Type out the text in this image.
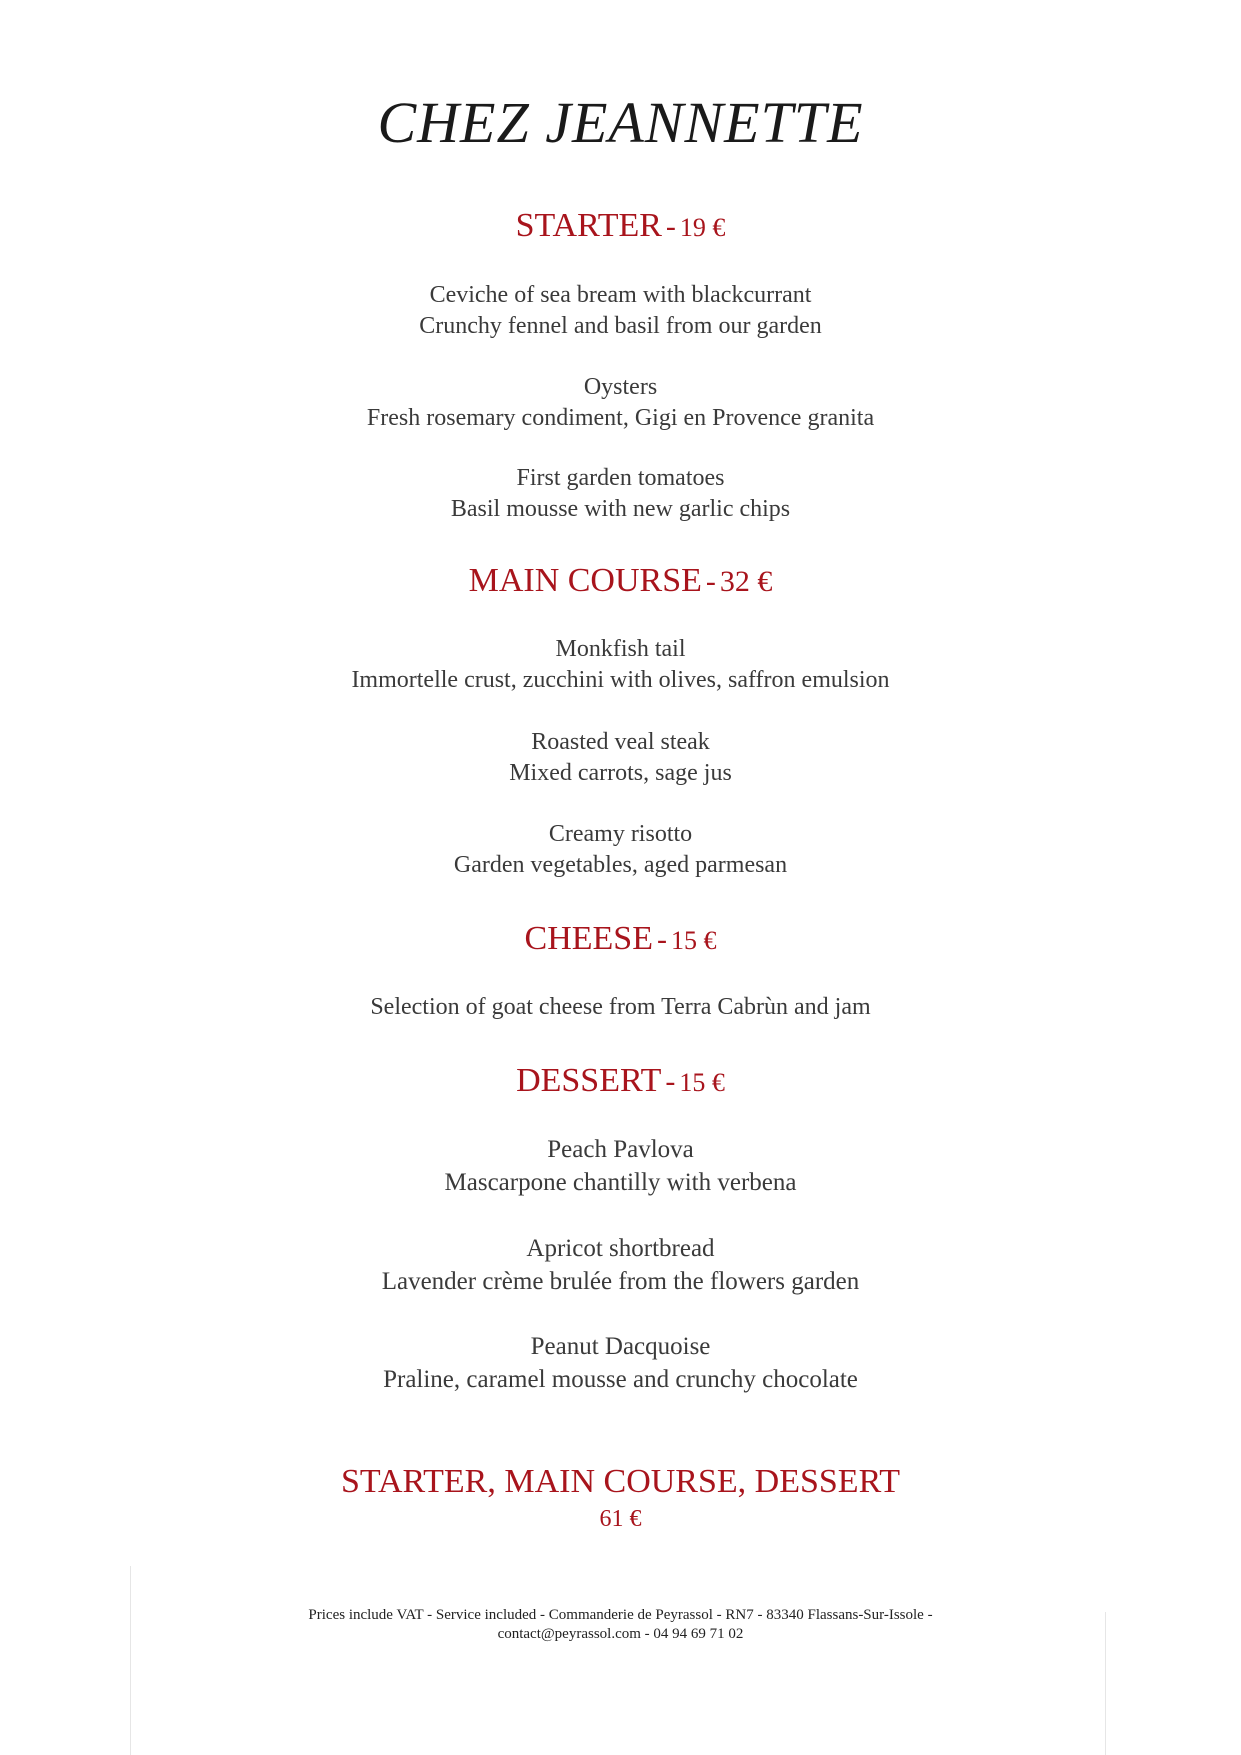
CHEZ JEANNETTE
STARTER - 19 €
Ceviche of sea bream with blackcurrant
Crunchy fennel and basil from our garden
Oysters
Fresh rosemary condiment, Gigi en Provence granita
First garden tomatoes
Basil mousse with new garlic chips
MAIN COURSE - 32 €
Monkfish tail
Immortelle crust, zucchini with olives, saffron emulsion
Roasted veal steak
Mixed carrots, sage jus
Creamy risotto
Garden vegetables, aged parmesan
CHEESE - 15 €
Selection of goat cheese from Terra Cabrùn and jam
DESSERT - 15 €
Peach Pavlova
Mascarpone chantilly with verbena
Apricot shortbread
Lavender crème brulée from the flowers garden
Peanut Dacquoise
Praline, caramel mousse and crunchy chocolate
STARTER, MAIN COURSE, DESSERT
61 €
Prices include VAT - Service included - Commanderie de Peyrassol - RN7 - 83340 Flassans-Sur-Issole -
contact@peyrassol.com - 04 94 69 71 02
